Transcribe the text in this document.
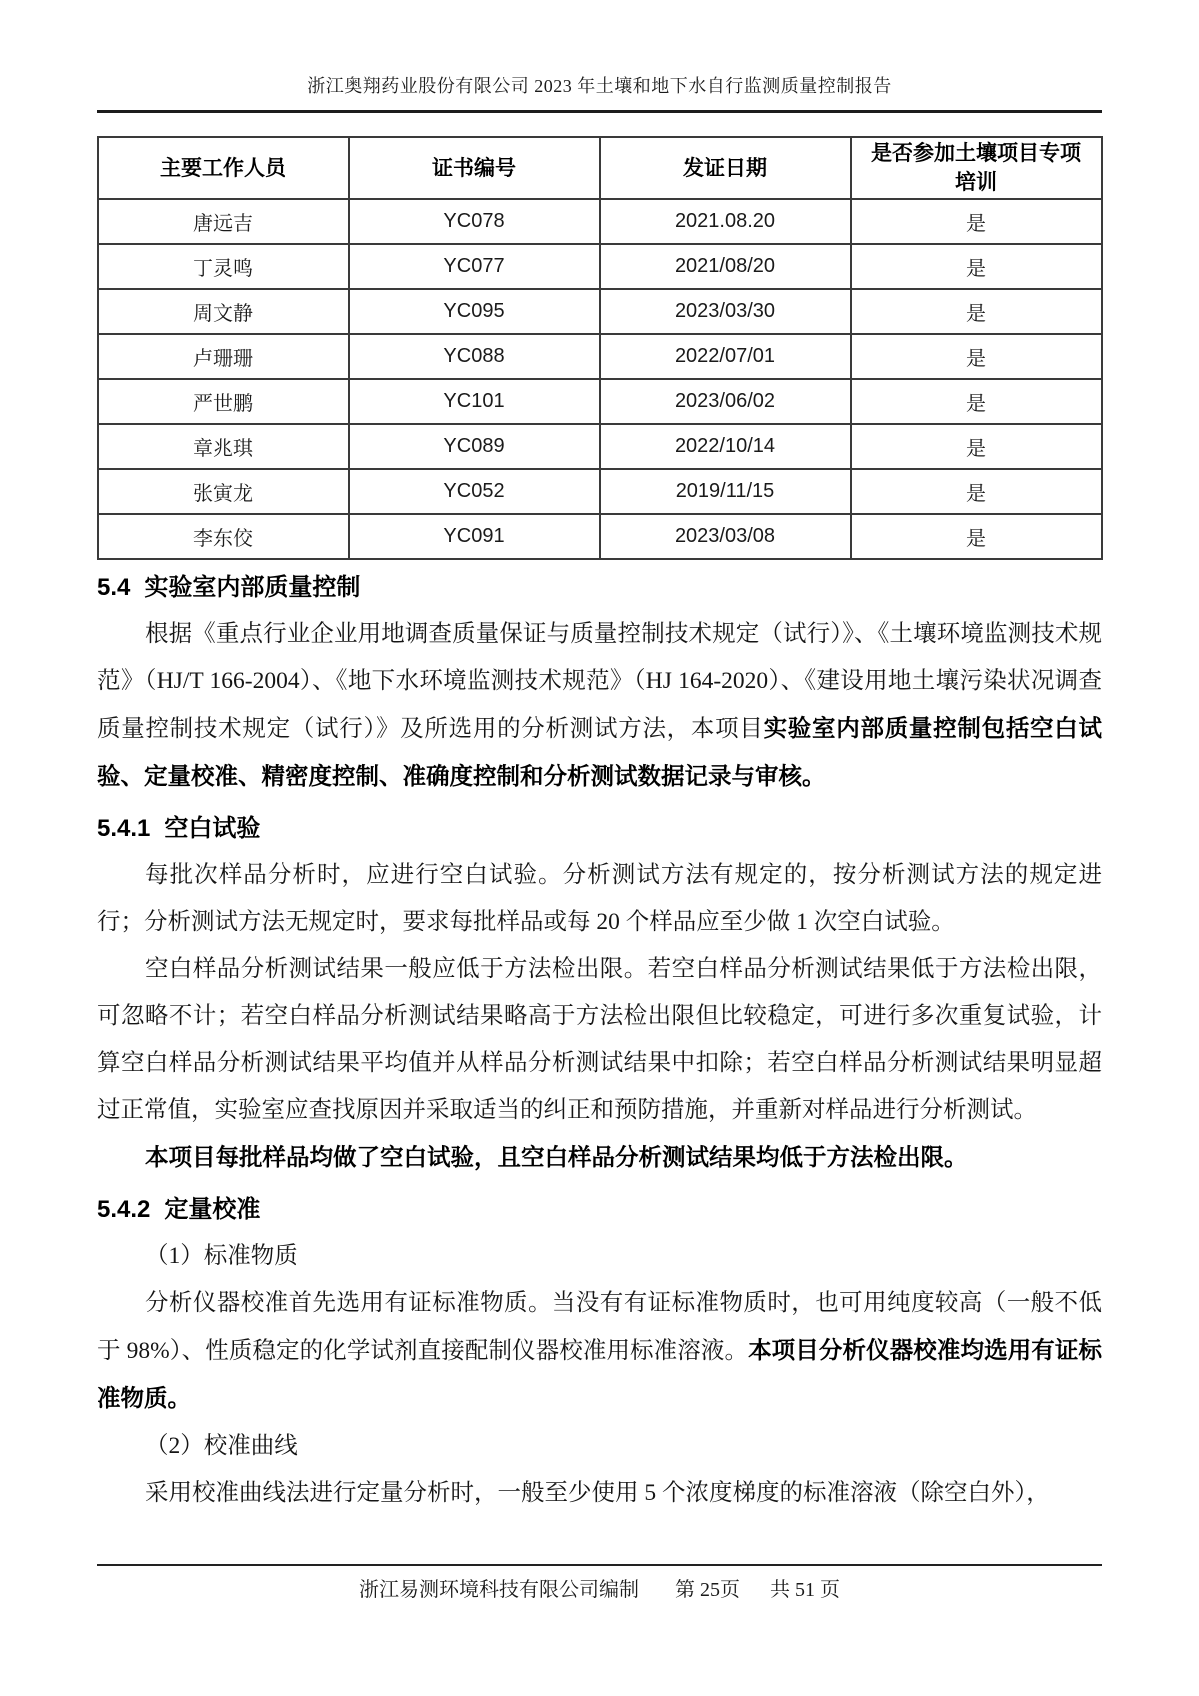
浙江奥翔药业股份有限公司 2023 年土壤和地下水自行监测质量控制报告
主要工作人员	证书编号	发证日期	是否参加土壤项目专项培训
唐远吉	YC078	2021.08.20	是
丁灵鸣	YC077	2021/08/20	是
周文静	YC095	2023/03/30	是
卢珊珊	YC088	2022/07/01	是
严世鹏	YC101	2023/06/02	是
章兆琪	YC089	2022/10/14	是
张寅龙	YC052	2019/11/15	是
李东佼	YC091	2023/03/08	是
5.4 实验室内部质量控制

根据《重点行业企业用地调查质量保证与质量控制技术规定（试行）》、《土壤环境监测技术规范》（HJ/T 166-2004）、《地下水环境监测技术规范》（HJ 164-2020）、《建设用地土壤污染状况调查质量控制技术规定（试行）》及所选用的分析测试方法，本项目实验室内部质量控制包括空白试验、定量校准、精密度控制、准确度控制和分析测试数据记录与审核。

5.4.1 空白试验

每批次样品分析时，应进行空白试验。分析测试方法有规定的，按分析测试方法的规定进行；分析测试方法无规定时，要求每批样品或每 20 个样品应至少做 1 次空白试验。

空白样品分析测试结果一般应低于方法检出限。若空白样品分析测试结果低于方法检出限，可忽略不计；若空白样品分析测试结果略高于方法检出限但比较稳定，可进行多次重复试验，计算空白样品分析测试结果平均值并从样品分析测试结果中扣除；若空白样品分析测试结果明显超过正常值，实验室应查找原因并采取适当的纠正和预防措施，并重新对样品进行分析测试。

本项目每批样品均做了空白试验，且空白样品分析测试结果均低于方法检出限。

5.4.2 定量校准

（1）标准物质

分析仪器校准首先选用有证标准物质。当没有有证标准物质时，也可用纯度较高（一般不低于 98%）、性质稳定的化学试剂直接配制仪器校准用标准溶液。本项目分析仪器校准均选用有证标准物质。

（2）校准曲线

采用校准曲线法进行定量分析时，一般至少使用 5 个浓度梯度的标准溶液（除空白外），

浙江易测环境科技有限公司编制 第 25页 共 51 页
